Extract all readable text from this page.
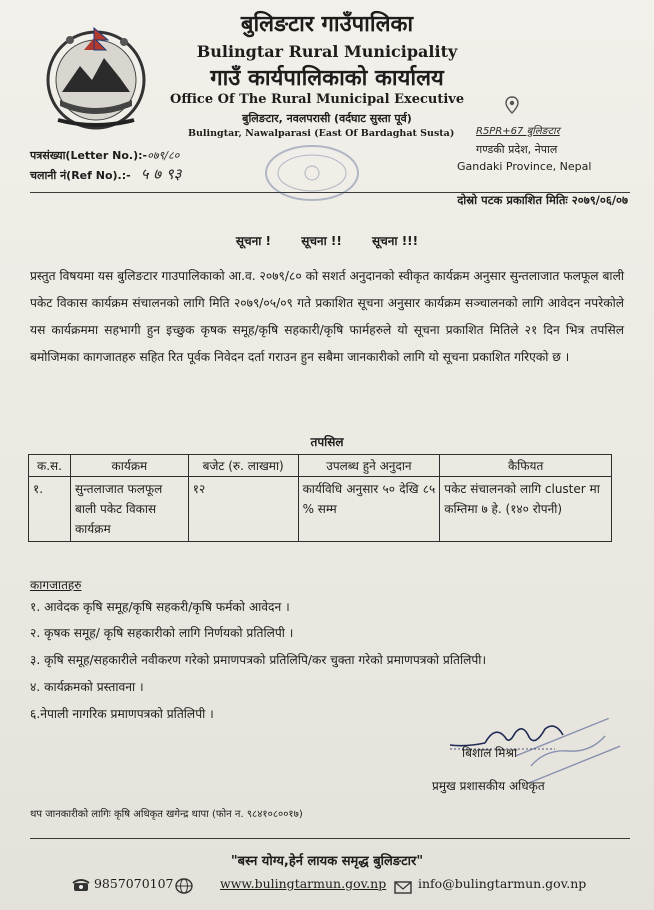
बुलिङटार गाउँपालिका
Bulingtar Rural Municipality
गाउँ कार्यपालिकाको कार्यालय
Office Of The Rural Municipal Executive
बुलिङटार, नवलपरासी (वर्दघाट सुस्ता पूर्व)
Bulingtar, Nawalparasi (East Of Bardaghat Susta) R5PR+67 बुलिङटार
गण्डकी प्रदेश, नेपाल
Gandaki Province, Nepal
पत्रसंख्या(Letter No.):-०७९/८०
चलानी नं(Ref No).:- ५ ७ ९३
दोस्रो पटक प्रकाशित मितिः २०७९/०६/०७
सूचना !	सूचना !!	सूचना !!!
प्रस्तुत विषयमा यस बुलिङटार गाउपालिकाको आ.व. २०७९/८० को सशर्त अनुदानको स्वीकृत कार्यक्रम अनुसार सुन्तलाजात फलफूल बाली पकेट विकास कार्यक्रम संचालनको लागि मिति २०७९/०५/०९ गते प्रकाशित सूचना अनुसार कार्यक्रम सञ्चालनको लागि आवेदन नपरेकोले यस कार्यक्रममा सहभागी हुन इच्छुक कृषक समूह/कृषि सहकारी/कृषि फार्महरुले यो सूचना प्रकाशित मितिले २१ दिन भित्र तपसिल बमोजिमका कागजातहरु सहित रित पूर्वक निवेदन दर्ता गराउन हुन सबैमा जानकारीको लागि यो सूचना प्रकाशित गरिएको छ ।
तपसिल
क.स.	कार्यक्रम	बजेट (रु. लाखमा)	उपलब्ध हुने अनुदान	कैफियत
१.	सुन्तलाजात फलफूल बाली पकेट विकास कार्यक्रम	१२	कार्यविधि अनुसार ५० देखि ८५ % सम्म	पकेट संचालनको लागि cluster मा कम्तिमा ७ हे. (१४० रोपनी)
कागजातहरु
१. आवेदक कृषि समूह/कृषि सहकरी/कृषि फर्मको आवेदन ।
२. कृषक समूह/ कृषि सहकारीको लागि निर्णयको प्रतिलिपी ।
३. कृषि समूह/सहकारीले नवीकरण गरेको प्रमाणपत्रको प्रतिलिपि/कर चुक्ता गरेको प्रमाणपत्रको प्रतिलिपी।
४. कार्यक्रमको प्रस्तावना ।
६.नेपाली नागरिक प्रमाणपत्रको प्रतिलिपी ।
बिशाल मिश्रा
प्रमुख प्रशासकीय अधिकृत
थप जानकारीको लागिः कृषि अधिकृत खगेन्द्र थापा (फोन न. ९८४१०८००१७)
"बस्न योग्य,हेर्न लायक समृद्ध बुलिङटार"
9857070107	www.bulingtarmun.gov.np	info@bulingtarmun.gov.np
